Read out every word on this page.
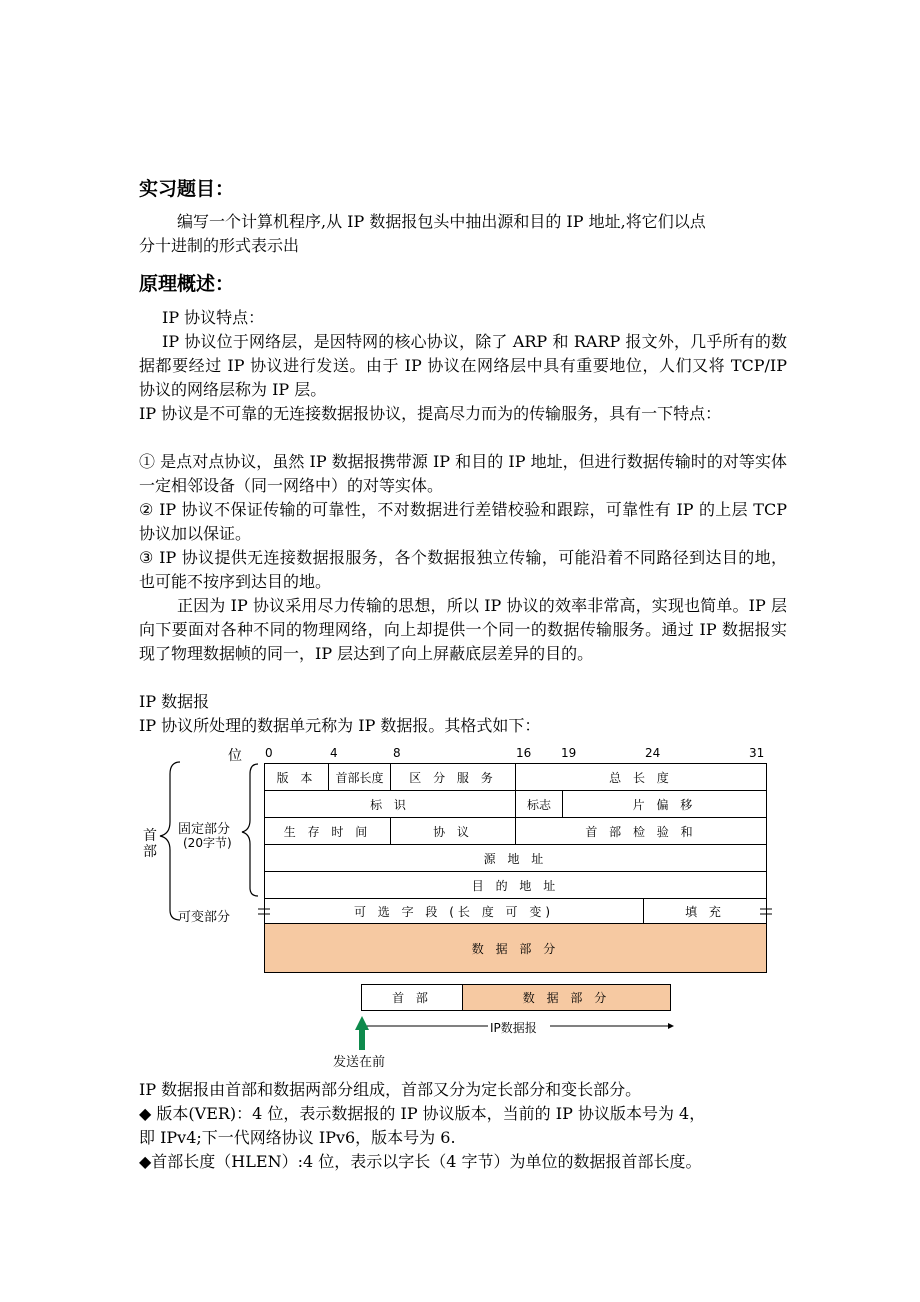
实习题目：
编写一个计算机程序,从 IP 数据报包头中抽出源和目的 IP 地址,将它们以点
分十进制的形式表示出
原理概述：
IP 协议特点：
IP 协议位于网络层，是因特网的核心协议，除了 ARP 和 RARP 报文外，几乎所有的数据都要经过 IP 协议进行发送。由于 IP 协议在网络层中具有重要地位，人们又将 TCP/IP 协议的网络层称为 IP 层。
IP 协议是不可靠的无连接数据报协议，提高尽力而为的传输服务，具有一下特点：
① 是点对点协议，虽然 IP 数据报携带源 IP 和目的 IP 地址，但进行数据传输时的对等实体一定相邻设备（同一网络中）的对等实体。
② IP 协议不保证传输的可靠性，不对数据进行差错校验和跟踪，可靠性有 IP 的上层 TCP 协议加以保证。
③ IP 协议提供无连接数据报服务，各个数据报独立传输，可能沿着不同路径到达目的地，也可能不按序到达目的地。
正因为 IP 协议采用尽力传输的思想，所以 IP 协议的效率非常高，实现也简单。IP 层向下要面对各种不同的物理网络，向上却提供一个同一的数据传输服务。通过 IP 数据报实现了物理数据帧的同一，IP 层达到了向上屏蔽底层差异的目的。
IP 数据报
IP 协议所处理的数据单元称为 IP 数据报。其格式如下：
位 0	4	8	16 19	24	31
首部
固定部分
(20字节)
可变部分
版 本	首部长度	区 分 服 务	总 长 度
标 识	标志	片 偏 移
生 存 时 间	协 议	首 部 检 验 和
源 地 址
目 的 地 址
可 选 字 段 (长 度 可 变)	填 充
数 据 部 分
首 部	数 据 部 分
IP数据报
发送在前
IP 数据报由首部和数据两部分组成，首部又分为定长部分和变长部分。
◆ 版本(VER)：4 位，表示数据报的 IP 协议版本，当前的 IP 协议版本号为 4，
即 IPv4;下一代网络协议 IPv6，版本号为 6.
◆首部长度（HLEN）:4 位，表示以字长（4 字节）为单位的数据报首部长度。
